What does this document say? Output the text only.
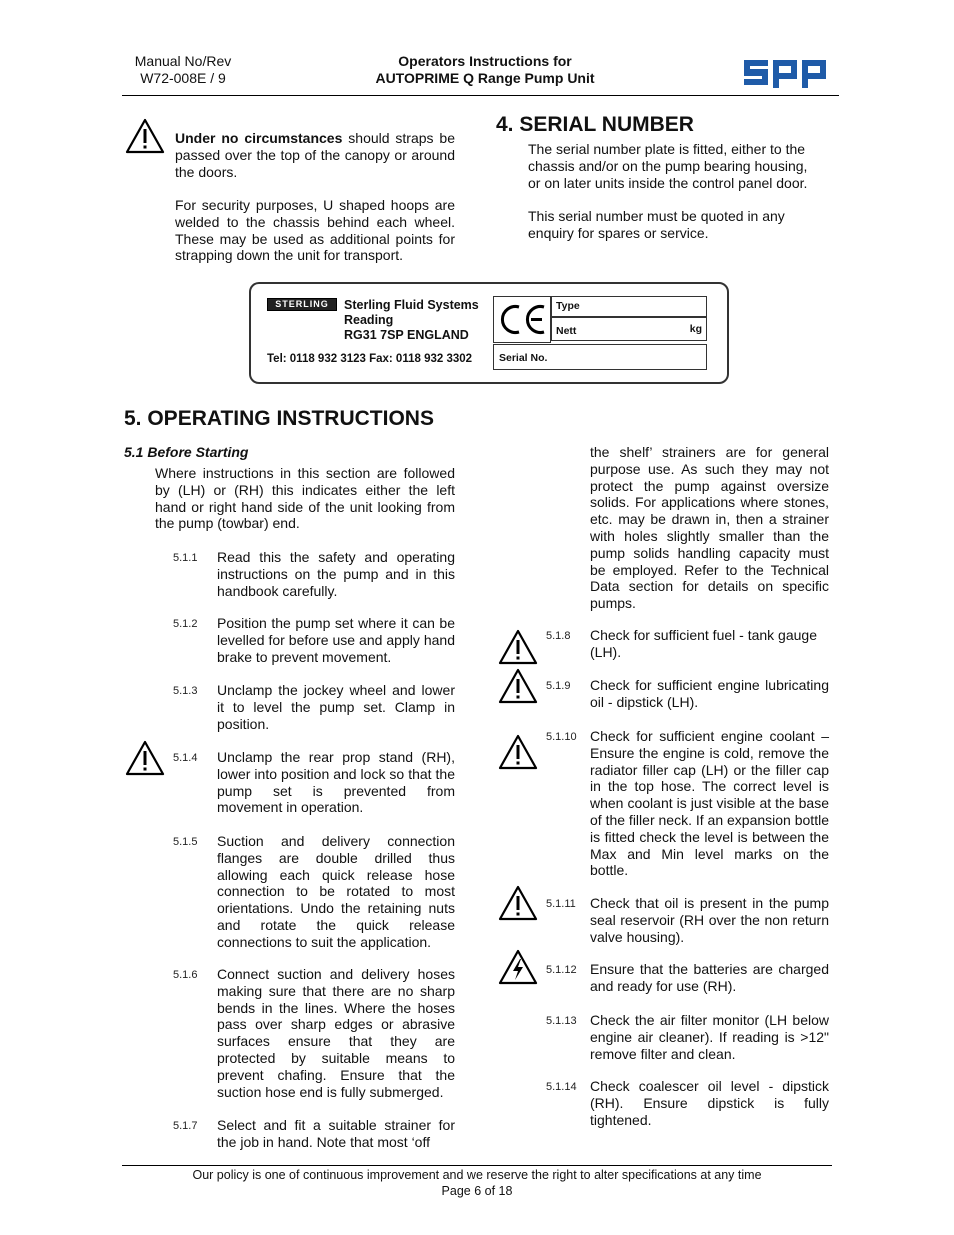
Manual No/Rev
W72-008E / 9
Operators Instructions for
AUTOPRIME Q Range Pump Unit
Under no circumstances should straps be passed over the top of the canopy or around the doors.
For security purposes, U shaped hoops are welded to the chassis behind each wheel. These may be used as additional points for strapping down the unit for transport.
4. SERIAL NUMBER
The serial number plate is fitted, either to the chassis and/or on the pump bearing housing, or on later units inside the control panel door.
This serial number must be quoted in any enquiry for spares or service.
STERLING	Sterling Fluid Systems
Reading
RG31 7SP ENGLAND
Tel: 0118 932 3123 Fax: 0118 932 3302
Type
Nett	kg
Serial No.
5. OPERATING INSTRUCTIONS
5.1 Before Starting
Where instructions in this section are followed by (LH) or (RH) this indicates either the left hand or right hand side of the unit looking from the pump (towbar) end.
5.1.1 Read this the safety and operating instructions on the pump and in this handbook carefully.
5.1.2 Position the pump set where it can be levelled for before use and apply hand brake to prevent movement.
5.1.3 Unclamp the jockey wheel and lower it to level the pump set. Clamp in position.
5.1.4 Unclamp the rear prop stand (RH), lower into position and lock so that the pump set is prevented from movement in operation.
5.1.5 Suction and delivery connection flanges are double drilled thus allowing each quick release hose connection to be rotated to most orientations. Undo the retaining nuts and rotate the quick release connections to suit the application.
5.1.6 Connect suction and delivery hoses making sure that there are no sharp bends in the lines. Where the hoses pass over sharp edges or abrasive surfaces ensure that they are protected by suitable means to prevent chafing. Ensure that the suction hose end is fully submerged.
5.1.7 Select and fit a suitable strainer for the job in hand. Note that most ‘off
the shelf’ strainers are for general purpose use. As such they may not protect the pump against oversize solids. For applications where stones, etc. may be drawn in, then a strainer with holes slightly smaller than the pump solids handling capacity must be employed. Refer to the Technical Data section for details on specific pumps.
5.1.8 Check for sufficient fuel - tank gauge (LH).
5.1.9 Check for sufficient engine lubricating oil - dipstick (LH).
5.1.10 Check for sufficient engine coolant – Ensure the engine is cold, remove the radiator filler cap (LH) or the filler cap in the top hose. The correct level is when coolant is just visible at the base of the filler neck. If an expansion bottle is fitted check the level is between the Max and Min level marks on the bottle.
5.1.11 Check that oil is present in the pump seal reservoir (RH over the non return valve housing).
5.1.12 Ensure that the batteries are charged and ready for use (RH).
5.1.13 Check the air filter monitor (LH below engine air cleaner). If reading is >12" remove filter and clean.
5.1.14 Check coalescer oil level - dipstick (RH). Ensure dipstick is fully tightened.
Our policy is one of continuous improvement and we reserve the right to alter specifications at any time
Page 6 of 18
